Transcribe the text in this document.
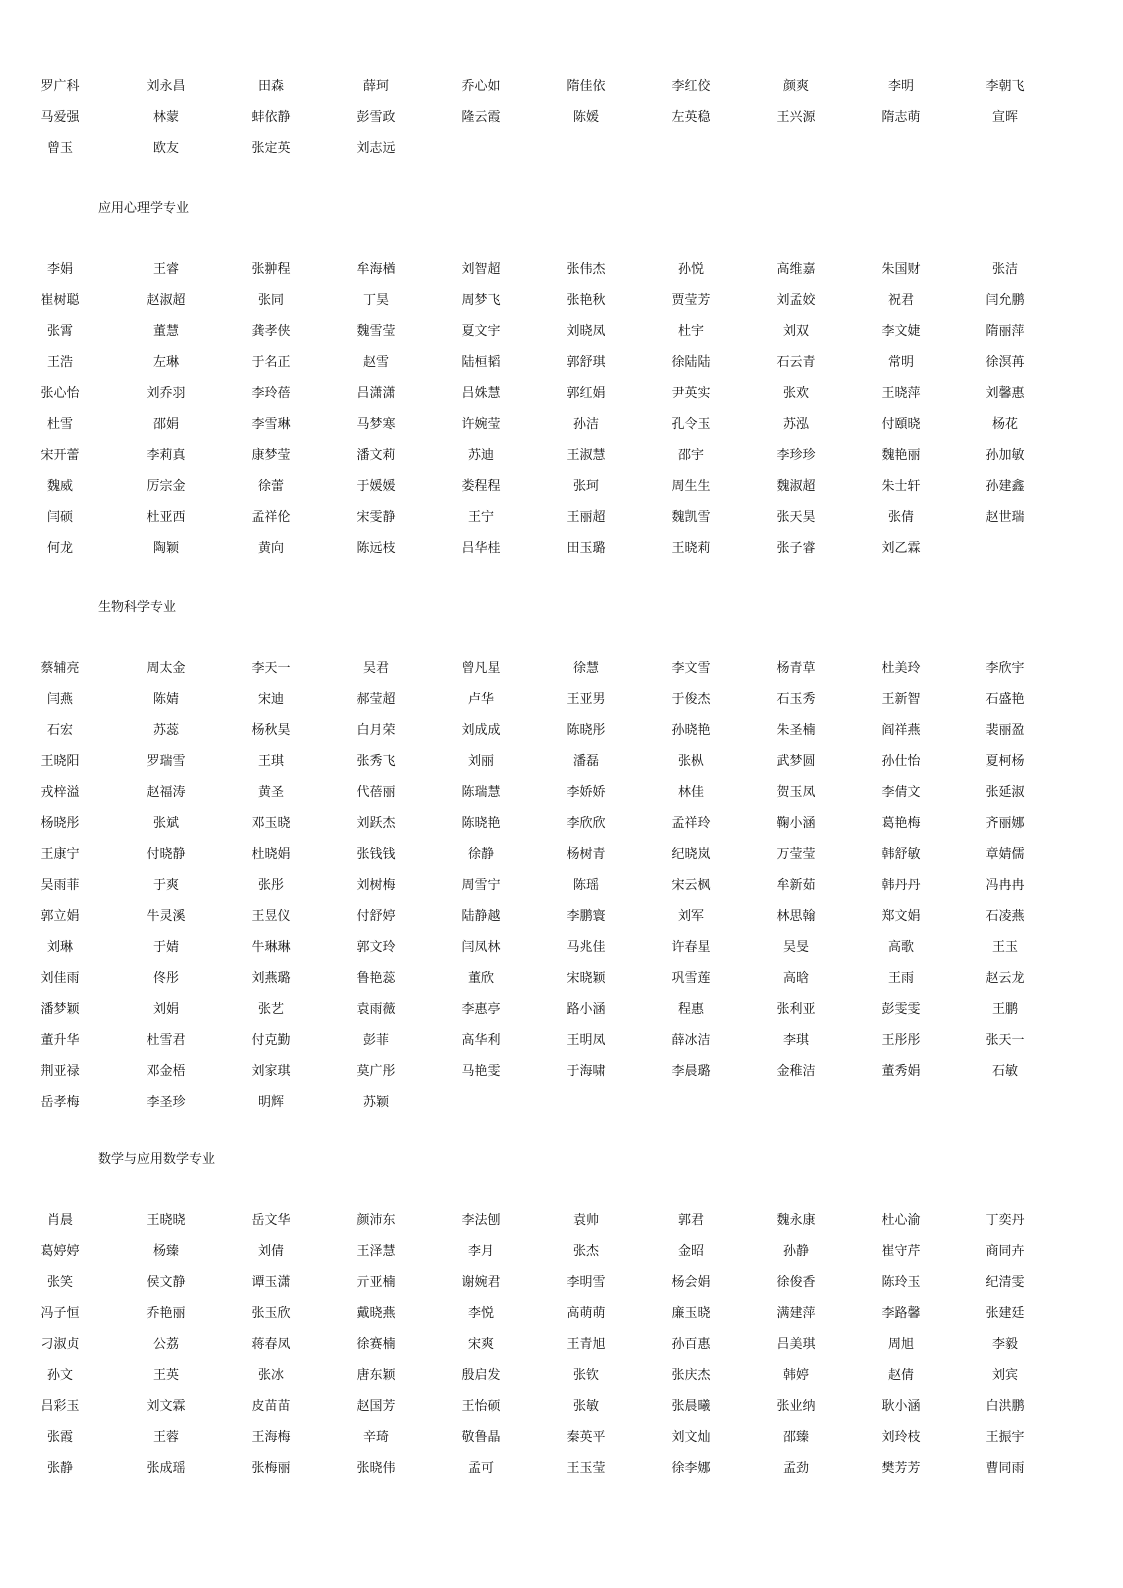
罗广科	刘永昌	田森	薛珂	乔心如	隋佳依	李红佼	颜爽	李明	李朝飞
马爱强	林蒙	蚌依静	彭雪政	隆云霞	陈媛	左英稳	王兴源	隋志萌	宣晖
曾玉	欧友	张定英	刘志远
应用心理学专业
李娟	王睿	张翀程	牟海楢	刘智超	张伟杰	孙悦	高维嘉	朱国财	张洁
崔树聪	赵淑超	张同	丁昊	周梦飞	张艳秋	贾莹芳	刘孟姣	祝君	闫允鹏
张霄	董慧	龚孝侠	魏雪莹	夏文宇	刘晓凤	杜宇	刘双	李文婕	隋丽萍
王浩	左琳	于名正	赵雪	陆桓韬	郭舒琪	徐陆陆	石云青	常明	徐溟苒
张心怡	刘乔羽	李玲蓓	吕潇潇	吕姝慧	郭红娟	尹英实	张欢	王晓萍	刘馨惠
杜雪	邵娟	李雪琳	马梦寒	许婉莹	孙洁	孔令玉	苏泓	付頤晓	杨花
宋开蕾	李莉真	康梦莹	潘文莉	苏迪	王淑慧	邵宇	李珍珍	魏艳丽	孙加敏
魏威	厉宗金	徐蕾	于媛媛	娄程程	张珂	周生生	魏淑超	朱士轩	孙建鑫
闫硕	杜亚西	孟祥伦	宋雯静	王宁	王丽超	魏凯雪	张天昊	张倩	赵世瑞
何龙	陶颖	黄向	陈远枝	吕华桂	田玉璐	王晓莉	张子睿	刘乙霖
生物科学专业
蔡辅亮	周太金	李天一	吴君	曾凡星	徐慧	李文雪	杨青草	杜美玲	李欣宇
闫燕	陈婧	宋迪	郝莹超	卢华	王亚男	于俊杰	石玉秀	王新智	石盛艳
石宏	苏蕊	杨秋昊	白月荣	刘成成	陈晓彤	孙晓艳	朱圣楠	阎祥燕	裴丽盈
王晓阳	罗瑞雪	王琪	张秀飞	刘丽	潘磊	张枞	武梦圆	孙仕怡	夏柯杨
戎梓溢	赵福涛	黄圣	代蓓丽	陈瑞慧	李娇娇	林佳	贺玉凤	李倩文	张延淑
杨晓彤	张斌	邓玉晓	刘跃杰	陈晓艳	李欣欣	孟祥玲	鞠小涵	葛艳梅	齐丽娜
王康宁	付晓静	杜晓娟	张钱钱	徐静	杨树青	纪晓岚	万莹莹	韩舒敏	章婧儒
吴雨菲	于爽	张彤	刘树梅	周雪宁	陈瑶	宋云枫	牟新茹	韩丹丹	冯冉冉
郭立娟	牛灵溪	王昱仪	付舒婷	陆静越	李鹏寰	刘军	林思翰	郑文娟	石凌燕
刘琳	于婧	牛琳琳	郭文玲	闫凤林	马兆佳	许春星	吴旻	高歌	王玉
刘佳雨	佟彤	刘燕璐	鲁艳蕊	董欣	宋晓颖	巩雪莲	高晗	王雨	赵云龙
潘梦颖	刘娟	张艺	袁雨薇	李惠亭	路小涵	程惠	张利亚	彭雯雯	王鹏
董升华	杜雪君	付克勤	彭菲	高华利	王明凤	薛冰洁	李琪	王彤彤	张天一
荆亚禄	邓金梧	刘家琪	莫广彤	马艳雯	于海啸	李晨璐	金稚洁	董秀娟	石敏
岳孝梅	李圣珍	明辉	苏颖
数学与应用数学专业
肖晨	王晓晓	岳文华	颜沛东	李法刨	袁帅	郭君	魏永康	杜心渝	丁奕丹
葛婷婷	杨臻	刘倩	王泽慧	李月	张杰	金昭	孙静	崔守芹	商同卉
张笑	侯文静	谭玉潇	亓亚楠	谢婉君	李明雪	杨会娟	徐俊香	陈玲玉	纪清雯
冯子恒	乔艳丽	张玉欣	戴晓燕	李悦	高萌萌	廉玉晓	满建萍	李路馨	张建廷
刁淑贞	公荔	蒋春凤	徐赛楠	宋爽	王青旭	孙百惠	吕美琪	周旭	李毅
孙文	王英	张冰	唐东颖	殷启发	张钦	张庆杰	韩婷	赵倩	刘宾
吕彩玉	刘文霖	皮苗苗	赵国芳	王怡硕	张敏	张晨曦	张业纳	耿小涵	白洪鹏
张霞	王蓉	王海梅	辛琦	敬鲁晶	秦英平	刘文灿	邵臻	刘玲枝	王振宇
张静	张成瑶	张梅丽	张晓伟	孟可	王玉莹	徐李娜	孟劲	樊芳芳	曹同雨
